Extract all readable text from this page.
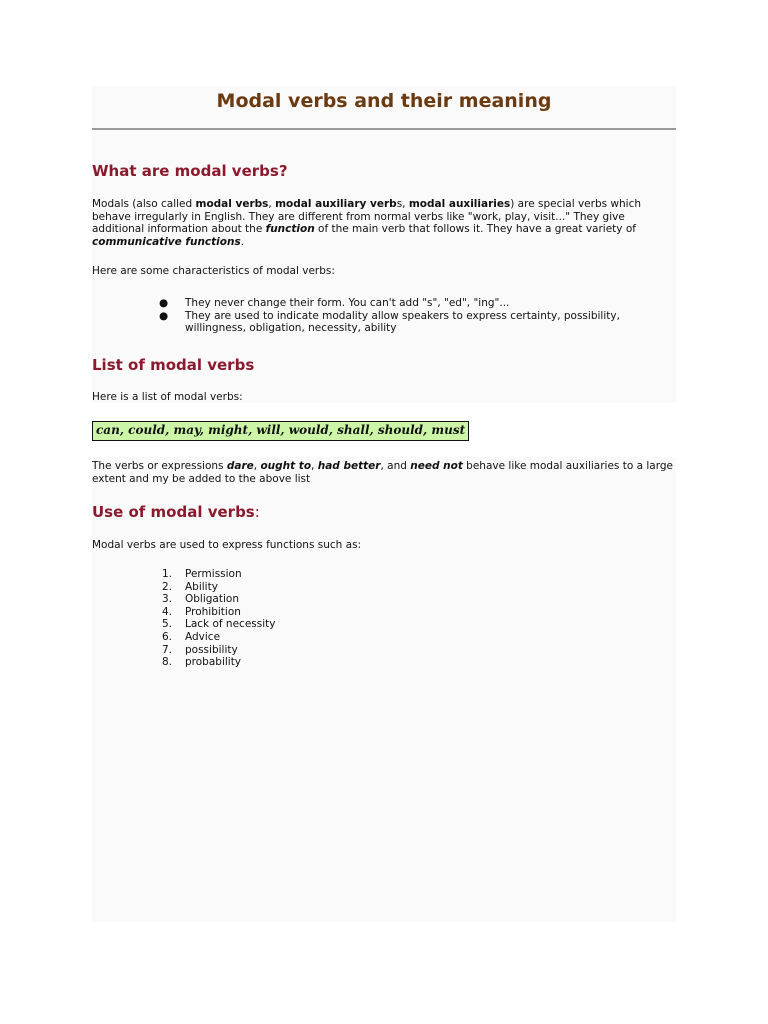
Modal verbs and their meaning
What are modal verbs?

Modals (also called modal verbs, modal auxiliary verbs, modal auxiliaries) are special verbs which behave irregularly in English. They are different from normal verbs like "work, play, visit..." They give additional information about the function of the main verb that follows it. They have a great variety of communicative functions.

Here are some characteristics of modal verbs:

● They never change their form. You can't add "s", "ed", "ing"...
● They are used to indicate modality allow speakers to express certainty, possibility, willingness, obligation, necessity, ability
List of modal verbs

Here is a list of modal verbs:

can, could, may, might, will, would, shall, should, must

The verbs or expressions dare, ought to, had better, and need not behave like modal auxiliaries to a large extent and my be added to the above list

Use of modal verbs:

Modal verbs are used to express functions such as:

1. Permission
2. Ability
3. Obligation
4. Prohibition
5. Lack of necessity
6. Advice
7. possibility
8. probability
